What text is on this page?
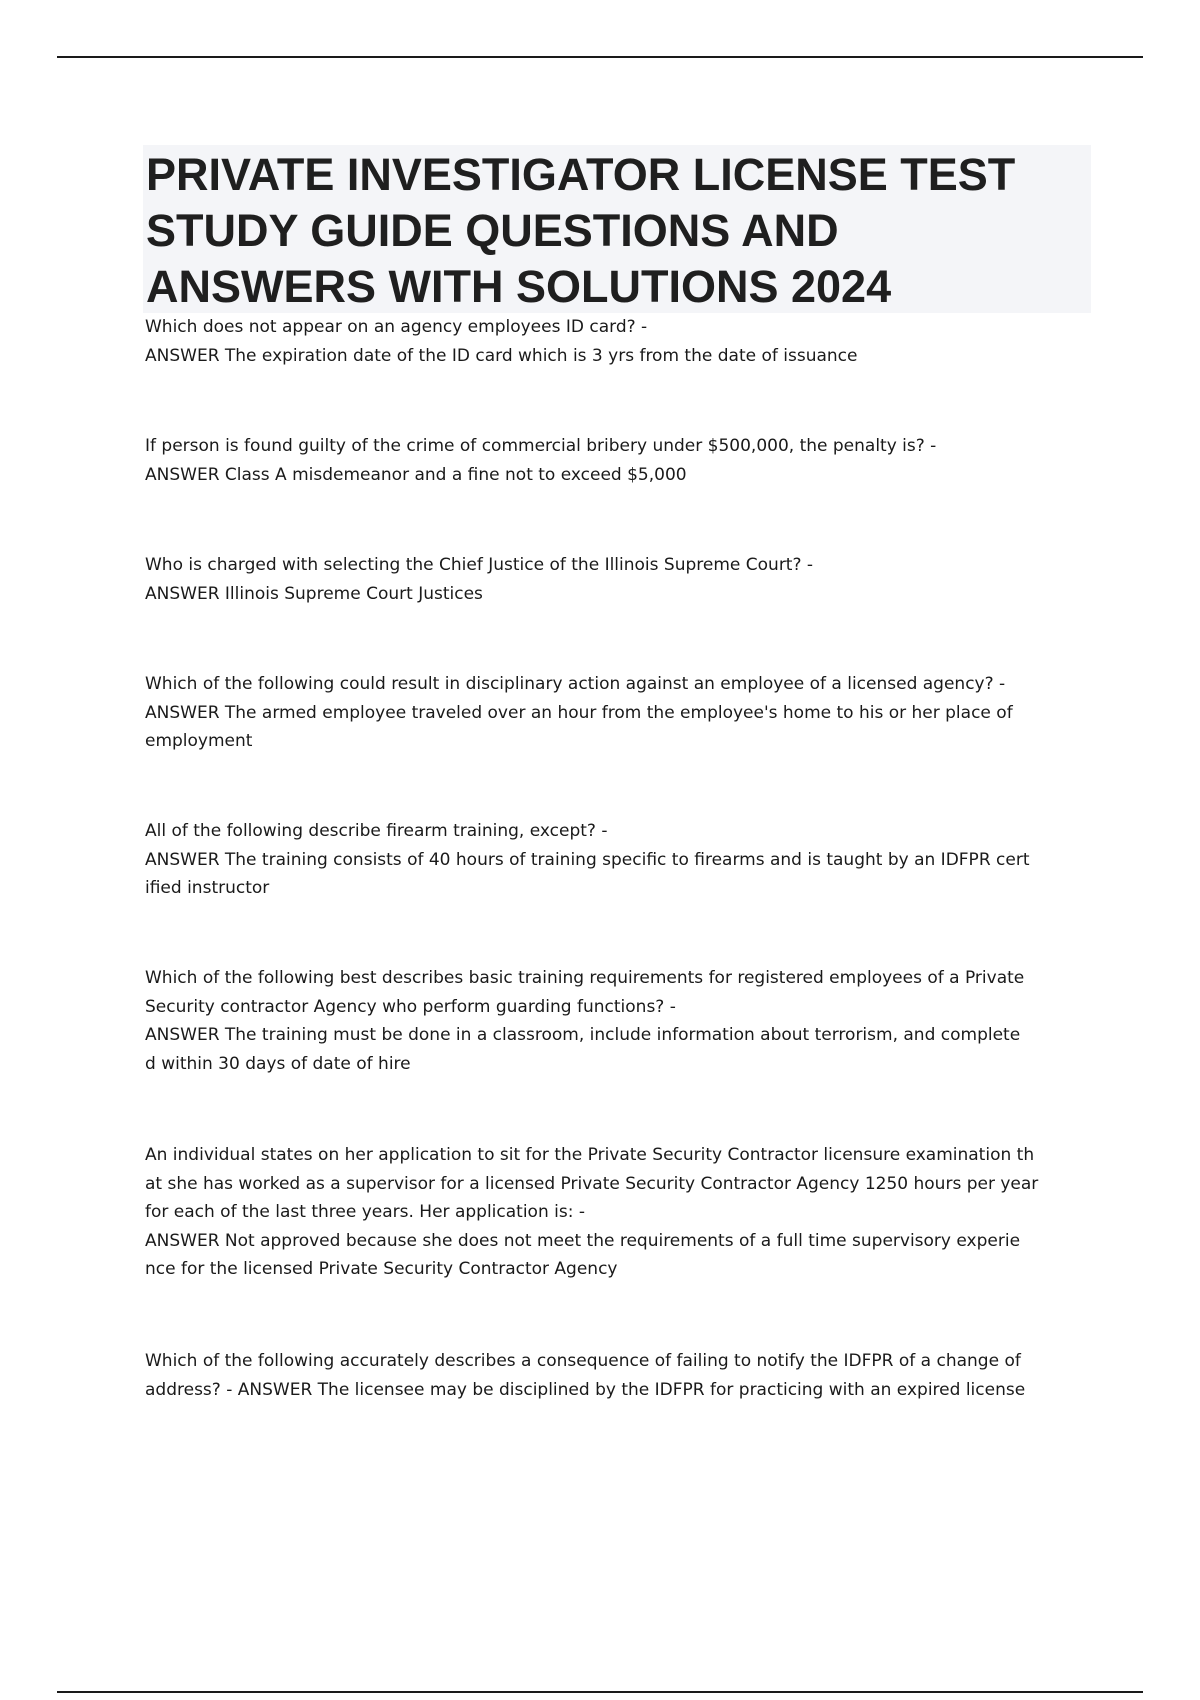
PRIVATE INVESTIGATOR LICENSE TEST
STUDY GUIDE QUESTIONS AND
ANSWERS WITH SOLUTIONS 2024
Which does not appear on an agency employees ID card? -
ANSWER The expiration date of the ID card which is 3 yrs from the date of issuance
If person is found guilty of the crime of commercial bribery under $500,000, the penalty is? -
ANSWER Class A misdemeanor and a fine not to exceed $5,000
Who is charged with selecting the Chief Justice of the Illinois Supreme Court? -
ANSWER Illinois Supreme Court Justices
Which of the following could result in disciplinary action against an employee of a licensed agency? -
ANSWER The armed employee traveled over an hour from the employee's home to his or her place of
employment
All of the following describe firearm training, except? -
ANSWER The training consists of 40 hours of training specific to firearms and is taught by an IDFPR cert
ified instructor
Which of the following best describes basic training requirements for registered employees of a Private
Security contractor Agency who perform guarding functions? -
ANSWER The training must be done in a classroom, include information about terrorism, and complete
d within 30 days of date of hire
An individual states on her application to sit for the Private Security Contractor licensure examination th
at she has worked as a supervisor for a licensed Private Security Contractor Agency 1250 hours per year
for each of the last three years. Her application is: -
ANSWER Not approved because she does not meet the requirements of a full time supervisory experie
nce for the licensed Private Security Contractor Agency
Which of the following accurately describes a consequence of failing to notify the IDFPR of a change of
address? - ANSWER The licensee may be disciplined by the IDFPR for practicing with an expired license
